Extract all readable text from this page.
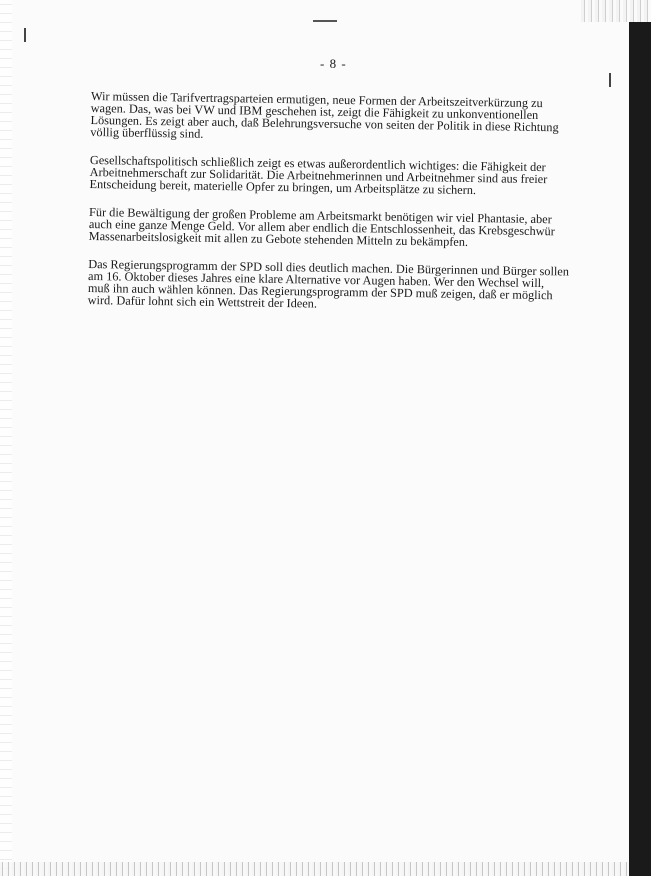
- 8 -

Wir müssen die Tarifvertragsparteien ermutigen, neue Formen der Arbeitszeitverkürzung zu
wagen. Das, was bei VW und IBM geschehen ist, zeigt die Fähigkeit zu unkonventionellen
Lösungen. Es zeigt aber auch, daß Belehrungsversuche von seiten der Politik in diese Richtung
völlig überflüssig sind.

Gesellschaftspolitisch schließlich zeigt es etwas außerordentlich wichtiges: die Fähigkeit der
Arbeitnehmerschaft zur Solidarität. Die Arbeitnehmerinnen und Arbeitnehmer sind aus freier
Entscheidung bereit, materielle Opfer zu bringen, um Arbeitsplätze zu sichern.

Für die Bewältigung der großen Probleme am Arbeitsmarkt benötigen wir viel Phantasie, aber
auch eine ganze Menge Geld. Vor allem aber endlich die Entschlossenheit, das Krebsgeschwür
Massenarbeitslosigkeit mit allen zu Gebote stehenden Mitteln zu bekämpfen.

Das Regierungsprogramm der SPD soll dies deutlich machen. Die Bürgerinnen und Bürger sollen
am 16. Oktober dieses Jahres eine klare Alternative vor Augen haben. Wer den Wechsel will,
muß ihn auch wählen können. Das Regierungsprogramm der SPD muß zeigen, daß er möglich
wird. Dafür lohnt sich ein Wettstreit der Ideen.
